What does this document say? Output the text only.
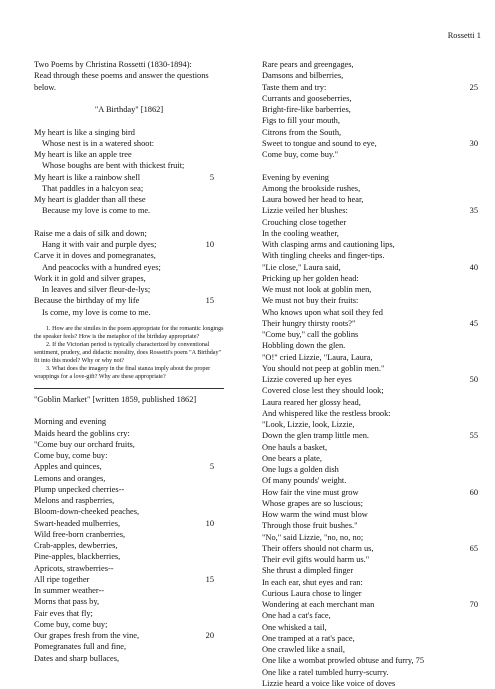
Rossetti 1
Two Poems by Christina Rossetti (1830-1894):
Read through these poems and answer the questions
below.
"A Birthday" [1862]
My heart is like a singing bird
Whose nest is in a watered shoot:
My heart is like an apple tree
Whose boughs are bent with thickest fruit;
My heart is like a rainbow shell	5
That paddles in a halcyon sea;
My heart is gladder than all these
Because my love is come to me.
Raise me a dais of silk and down;
Hang it with vair and purple dyes;	10
Carve it in doves and pomegranates,
And peacocks with a hundred eyes;
Work it in gold and silver grapes,
In leaves and silver fleur-de-lys;
Because the birthday of my life	15
Is come, my love is come to me.
1. How are the similes in the poem appropriate for the romantic longings the speaker feels? How is the metaphor of the birthday appropriate?
2. If the Victorian period is typically characterized by conventional sentiment, prudery, and didactic morality, does Rossetti's poem "A Birthday" fit into this model? Why or why not?
3. What does the imagery in the final stanza imply about the proper wrappings for a love-gift? Why are these appropriate?
"Goblin Market" [written 1859, published 1862]
Morning and evening
Maids heard the goblins cry:
"Come buy our orchard fruits,
Come buy, come buy:
Apples and quinces,	5
Lemons and oranges,
Plump unpecked cherries--
Melons and raspberries,
Bloom-down-cheeked peaches,
Swart-headed mulberries,	10
Wild free-born cranberries,
Crab-apples, dewberries,
Pine-apples, blackberries,
Apricots, strawberries--
All ripe together	15
In summer weather--
Morns that pass by,
Fair eves that fly;
Come buy, come buy;
Our grapes fresh from the vine,	20
Pomegranates full and fine,
Dates and sharp bullaces,
Rare pears and greengages,
Damsons and bilberries,
Taste them and try:	25
Currants and gooseberries,
Bright-fire-like barberries,
Figs to fill your mouth,
Citrons from the South,
Sweet to tongue and sound to eye,	30
Come buy, come buy."
Evening by evening
Among the brookside rushes,
Laura bowed her head to hear,
Lizzie veiled her blushes:	35
Crouching close together
In the cooling weather,
With clasping arms and cautioning lips,
With tingling cheeks and finger-tips.
"Lie close," Laura said,	40
Pricking up her golden head:
We must not look at goblin men,
We must not buy their fruits:
Who knows upon what soil they fed
Their hungry thirsty roots?"	45
"Come buy," call the goblins
Hobbling down the glen.
"O!" cried Lizzie, "Laura, Laura,
You should not peep at goblin men."
Lizzie covered up her eyes	50
Covered close lest they should look;
Laura reared her glossy head,
And whispered like the restless brook:
"Look, Lizzie, look, Lizzie,
Down the glen tramp little men.	55
One hauls a basket,
One bears a plate,
One lugs a golden dish
Of many pounds' weight.
How fair the vine must grow	60
Whose grapes are so luscious;
How warm the wind must blow
Through those fruit bushes."
"No," said Lizzie, "no, no, no;
Their offers should not charm us,	65
Their evil gifts would harm us."
She thrust a dimpled finger
In each ear, shut eyes and ran:
Curious Laura chose to linger
Wondering at each merchant man	70
One had a cat's face,
One whisked a tail,
One tramped at a rat's pace,
One crawled like a snail,
One like a wombat prowled obtuse and furry, 75
One like a ratel tumbled hurry-scurry.
Lizzie heard a voice like voice of doves
